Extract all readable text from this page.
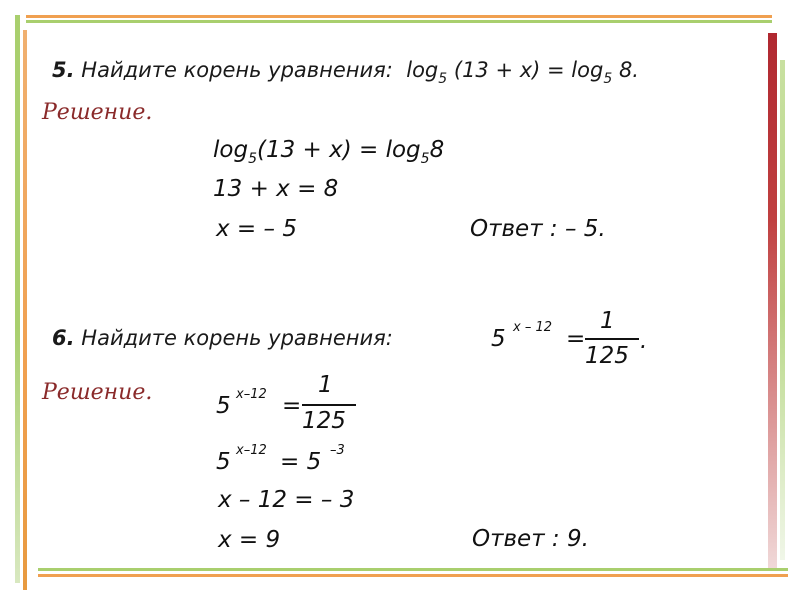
5. Найдите корень уравнения: $\log_5 (13 + x) = \log_5 8$.
Решение.
$\log_5(13 + x) = \log_58$
13 + x = 8
x = – 5	Ответ : – 5.
6. Найдите корень уравнения:	5 x – 12 =
1
125
.
Решение.
5 x–12 =
1
125
5 x–12 = 5 –3
x – 12 = – 3
x = 9	Ответ : 9.
